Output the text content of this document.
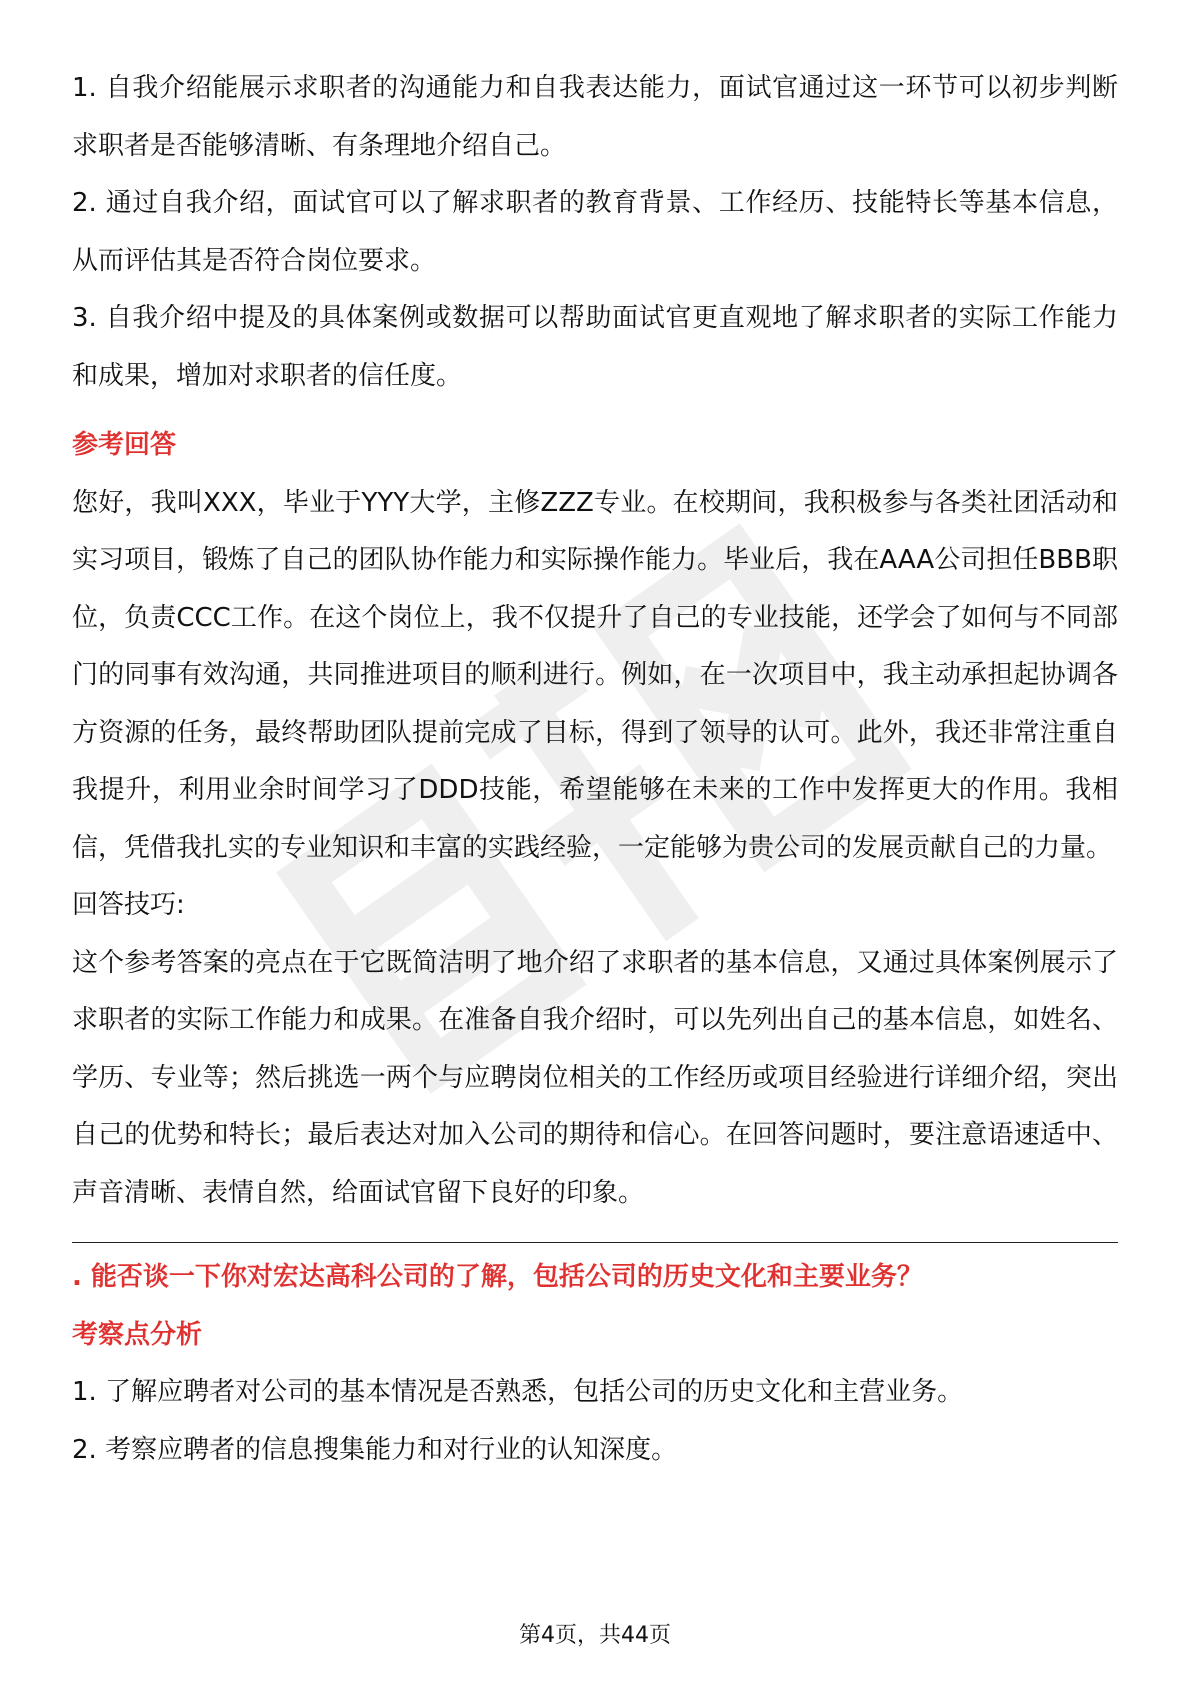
1. 自我介绍能展示求职者的沟通能力和自我表达能力，面试官通过这一环节可以初步判断求职者是否能够清晰、有条理地介绍自己。

2. 通过自我介绍，面试官可以了解求职者的教育背景、工作经历、技能特长等基本信息，从而评估其是否符合岗位要求。

3. 自我介绍中提及的具体案例或数据可以帮助面试官更直观地了解求职者的实际工作能力和成果，增加对求职者的信任度。

参考回答

您好，我叫XXX，毕业于YYY大学，主修ZZZ专业。在校期间，我积极参与各类社团活动和实习项目，锻炼了自己的团队协作能力和实际操作能力。毕业后，我在AAA公司担任BBB职位，负责CCC工作。在这个岗位上，我不仅提升了自己的专业技能，还学会了如何与不同部门的同事有效沟通，共同推进项目的顺利进行。例如，在一次项目中，我主动承担起协调各方资源的任务，最终帮助团队提前完成了目标，得到了领导的认可。此外，我还非常注重自我提升，利用业余时间学习了DDD技能，希望能够在未来的工作中发挥更大的作用。我相信，凭借我扎实的专业知识和丰富的实践经验，一定能够为贵公司的发展贡献自己的力量。

回答技巧:

这个参考答案的亮点在于它既简洁明了地介绍了求职者的基本信息，又通过具体案例展示了求职者的实际工作能力和成果。在准备自我介绍时，可以先列出自己的基本信息，如姓名、学历、专业等；然后挑选一两个与应聘岗位相关的工作经历或项目经验进行详细介绍，突出自己的优势和特长；最后表达对加入公司的期待和信心。在回答问题时，要注意语速适中、声音清晰、表情自然，给面试官留下良好的印象。

. 能否谈一下你对宏达高科公司的了解，包括公司的历史文化和主要业务？

考察点分析

1. 了解应聘者对公司的基本情况是否熟悉，包括公司的历史文化和主营业务。

2. 考察应聘者的信息搜集能力和对行业的认知深度。

第4页，共44页
